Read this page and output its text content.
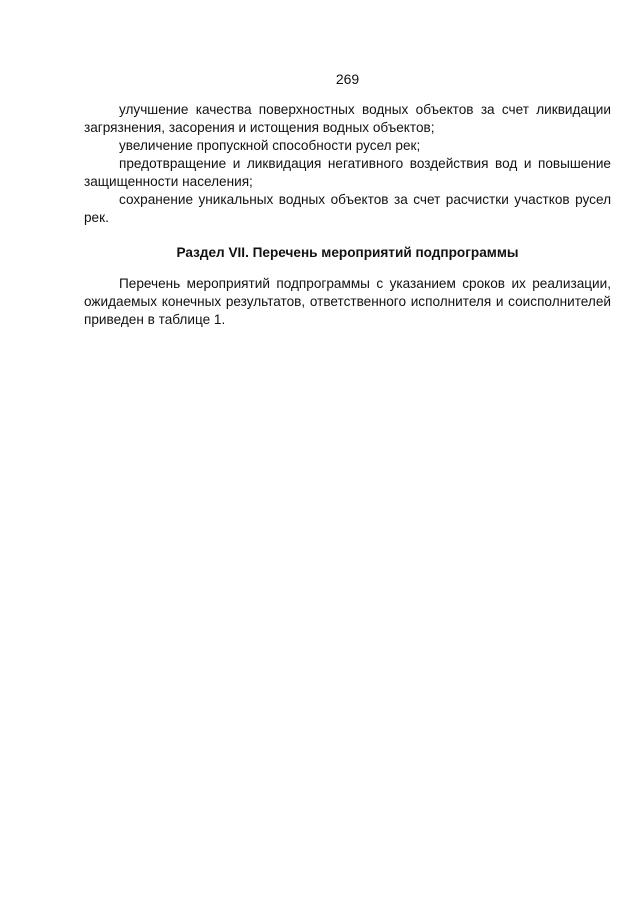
269

улучшение качества поверхностных водных объектов за счет ликвидации загрязнения, засорения и истощения водных объектов;

увеличение пропускной способности русел рек;

предотвращение и ликвидация негативного воздействия вод и повышение защищенности населения;

сохранение уникальных водных объектов за счет расчистки участков русел рек.

Раздел VII. Перечень мероприятий подпрограммы

Перечень мероприятий подпрограммы с указанием сроков их реализации, ожидаемых конечных результатов, ответственного исполнителя и соисполнителей приведен в таблице 1.
